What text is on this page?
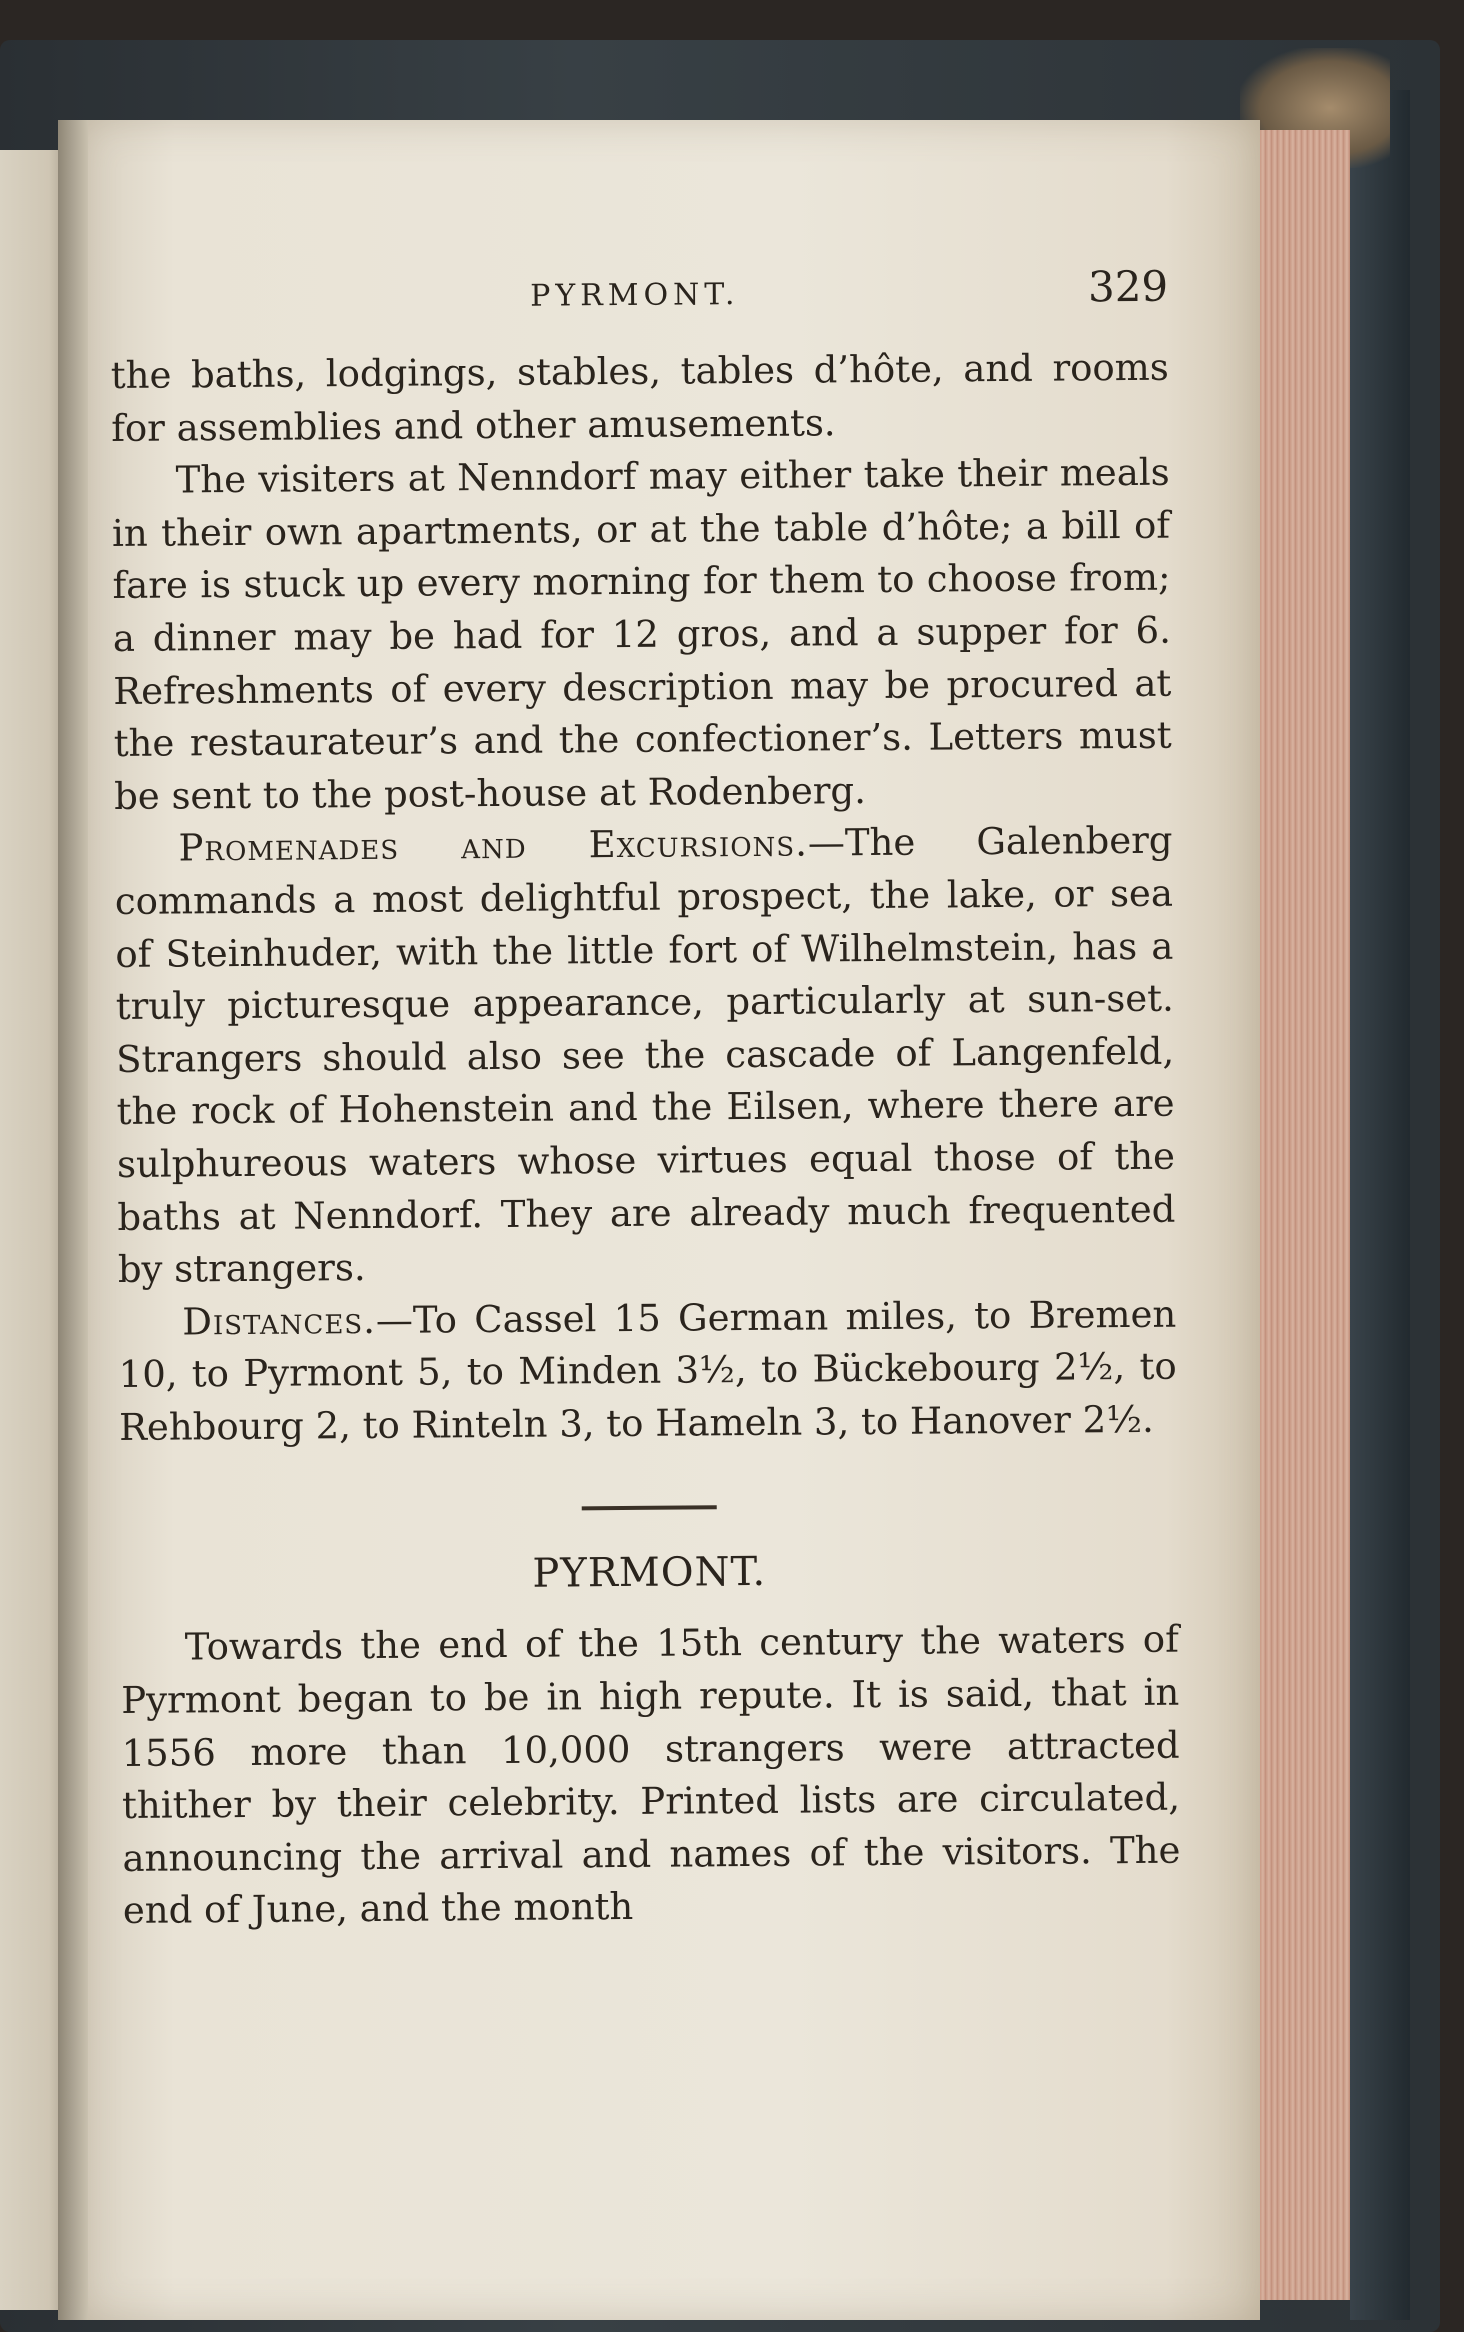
PYRMONT.	329

the baths, lodgings, stables, tables d’hôte, and rooms for assemblies and other amusements.

The visiters at Nenndorf may either take their meals in their own apartments, or at the table d’hôte; a bill of fare is stuck up every morning for them to choose from; a dinner may be had for 12 gros, and a supper for 6. Refreshments of every description may be procured at the restaurateur’s and the confectioner’s. Letters must be sent to the post-house at Rodenberg.

Promenades and Excursions.—The Galenberg commands a most delightful prospect, the lake, or sea of Steinhuder, with the little fort of Wilhelmstein, has a truly picturesque appearance, particularly at sun-set. Strangers should also see the cascade of Langenfeld, the rock of Hohenstein and the Eilsen, where there are sulphureous waters whose virtues equal those of the baths at Nenndorf. They are already much frequented by strangers.

Distances.—To Cassel 15 German miles, to Bremen 10, to Pyrmont 5, to Minden 3½, to Bückebourg 2½, to Rehbourg 2, to Rinteln 3, to Hameln 3, to Hanover 2½.

PYRMONT.

Towards the end of the 15th century the waters of Pyrmont began to be in high repute. It is said, that in 1556 more than 10,000 strangers were attracted thither by their celebrity. Printed lists are circulated, announcing the arrival and names of the visitors. The end of June, and the month
